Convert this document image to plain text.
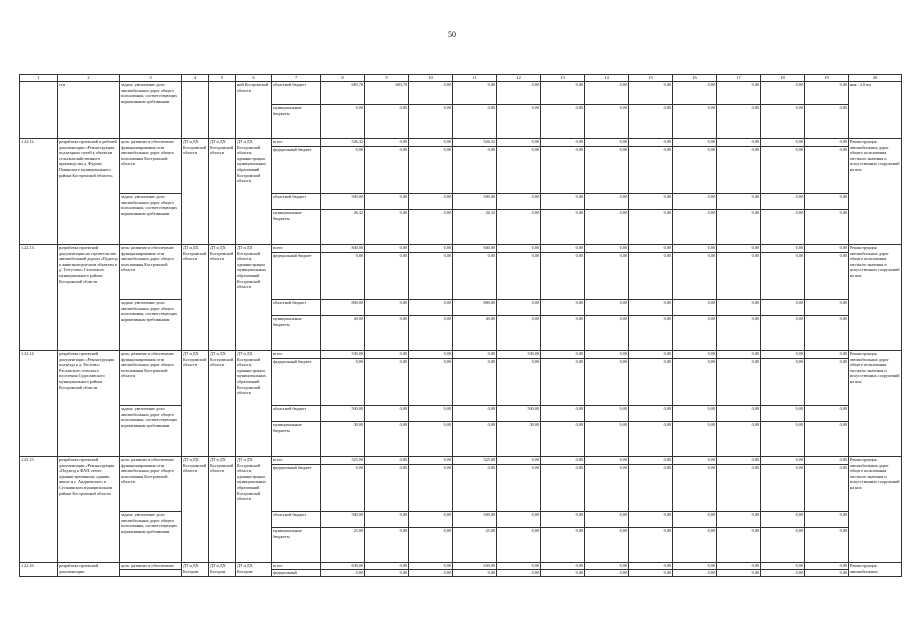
50
1	2	3	4	5	6	7	8	9	10	11	12	13	14	15	16	17	18	19	20
	сти	задача: увеличение доли автомобильных дорог общего пользования, соответствующих нормативным требованиям			ний Костромской области	областной бюджет	683,70	683,70	0,00	0,00	0,00	0,00	0,00	0,00	0,00	0,00	0,00	0,00	ния - 2,0 км
						муниципальные бюджеты	0,00	0,00	0,00	0,00	0,00	0,00	0,00	0,00	0,00	0,00	0,00	0,00	
1.22.12.	разработка проектной и рабочей документации «Реконструкция подъездных путей к объектам сельскохозяйственного производства д. Фурово Павинского муниципального района Костромской области»	цель: развитие и обеспечение функционирования сети автомобильных дорог общего пользования Костромской области	ДТ и ДХ Костромской области	ДТ и ДХ Костромской области	ДТ и ДХ Костромской области, администрации муниципальных образований Костромской области	всего	526,32	0,00	0,00	526,32	0,00	0,00	0,00	0,00	0,00	0,00	0,00	0,00	Реконструкция автомобильных дорог общего пользования местного значения и искусственных сооружений на них
						федеральный бюджет	0,00	0,00	0,00	0,00	0,00	0,00	0,00	0,00	0,00	0,00	0,00	0,00	
		задача: увеличение доли автомобильных дорог общего пользования, соответствующих нормативным требованиям				областной бюджет	500,00	0,00	0,00	500,00	0,00	0,00	0,00	0,00	0,00	0,00	0,00	0,00	
						муниципальные бюджеты	26,32	0,00	0,00	26,32	0,00	0,00	0,00	0,00	0,00	0,00	0,00	0,00	
1.22.13.	разработка проектной документации на строительство автомобильной дороги «Подъезд к животноводческим объектам в д. Тетгутово» Галичского муниципального района Костромской области	цель: развитие и обеспечение функционирования сети автомобильных дорог общего пользования Костромской области	ДТ и ДХ Костромской области	ДТ и ДХ Костромской области	ДТ и ДХ Костромской области, администрации муниципальных образований Костромской области	всего	840,00	0,00	0,00	840,00	0,00	0,00	0,00	0,00	0,00	0,00	0,00	0,00	Реконструкция автомобильных дорог общего пользования местного значения и искусственных сооружений на них
						федеральный бюджет	0,00	0,00	0,00	0,00	0,00	0,00	0,00	0,00	0,00	0,00	0,00	0,00	
		задача: увеличение доли автомобильных дорог общего пользования, соответствующих нормативным требованиям				областной бюджет	800,00	0,00	0,00	800,00	0,00	0,00	0,00	0,00	0,00	0,00	0,00	0,00	
						муниципальные бюджеты	40,00	0,00	0,00	40,00	0,00	0,00	0,00	0,00	0,00	0,00	0,00	0,00	
1.22.14.	разработка проектной документации «Реконструкция подъезда к д. Раслово» Раславского сельского поселения Судиславского муниципального района Костромской области	цель: развитие и обеспечение функционирования сети автомобильных дорог общего пользования Костромской области	ДТ и ДХ Костромской области	ДТ и ДХ Костромской области	ДТ и ДХ Костромской области, администрации муниципальных образований Костромской области	всего	530,00	0,00	0,00	0,00	530,00	0,00	0,00	0,00	0,00	0,00	0,00	0,00	Реконструкция автомобильных дорог общего пользования местного значения и искусственных сооружений на них
						федеральный бюджет	0,00	0,00	0,00	0,00	0,00	0,00	0,00	0,00	0,00	0,00	0,00	0,00	
		задача: увеличение доли автомобильных дорог общего пользования, соответствующих нормативным требованиям				областной бюджет	500,00	0,00	0,00	0,00	500,00	0,00	0,00	0,00	0,00	0,00	0,00	0,00	
						муниципальные бюджеты	30,00	0,00	0,00	0,00	30,00	0,00	0,00	0,00	0,00	0,00	0,00	0,00	
1.22.15.	разработка проектной документации «Реконструкция «Подъезд к ФАП, почте, административному зданию, школе в с. Андреевское» в Сусанинском муниципальном районе Костромской области	цель: развитие и обеспечение функционирования сети автомобильных дорог общего пользования Костромской области	ДТ и ДХ Костромской области	ДТ и ДХ Костромской области	ДТ и ДХ Костромской области, администрации муниципальных образований Костромской области	всего	525,00	0,00	0,00	525,00	0,00	0,00	0,00	0,00	0,00	0,00	0,00	0,00	Реконструкция автомобильных дорог общего пользования местного значения и искусственных сооружений на них
						федеральный бюджет	0,00	0,00	0,00	0,00	0,00	0,00	0,00	0,00	0,00	0,00	0,00	0,00	
		задача: увеличение доли автомобильных дорог общего пользования, соответствующих нормативным требованиям				областной бюджет	500,00	0,00	0,00	500,00	0,00	0,00	0,00	0,00	0,00	0,00	0,00	0,00	
						муниципальные бюджеты	25,00	0,00	0,00	25,00	0,00	0,00	0,00	0,00	0,00	0,00	0,00	0,00	
1.22.16.	разработка проектной документации	цель: развитие и обеспечение	ДТ и ДХ Костром	ДТ и ДХ Костром	ДТ и ДХ Костром-	всего	630,00	0,00	0,00	630,00	0,00	0,00	0,00	0,00	0,00	0,00	0,00	0,00	Реконструкция автомобильных
						федеральный	0,00	0,00	0,00	0,00	0,00	0,00	0,00	0,00	0,00	0,00	0,00	0,00	
